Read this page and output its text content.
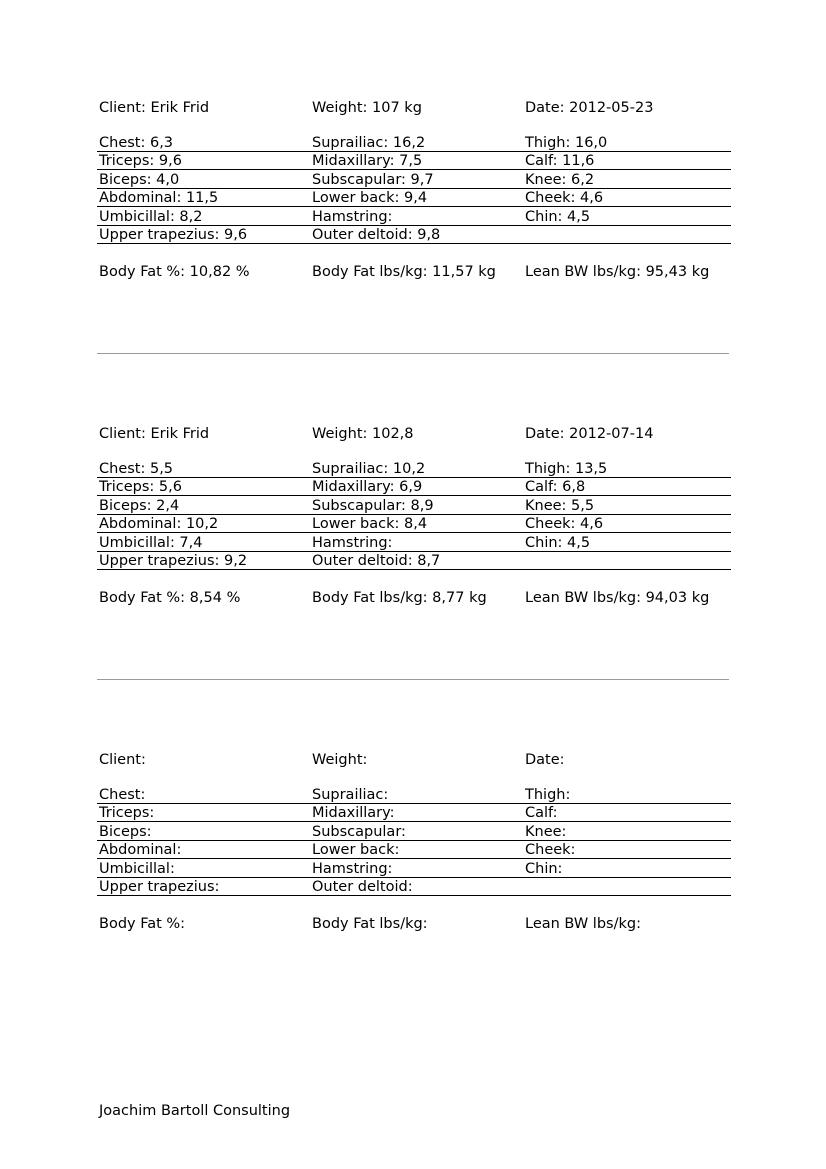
Client: Erik Frid	Weight: 107 kg	Date: 2012-05-23
Chest: 6,3	Suprailiac: 16,2	Thigh: 16,0
Triceps: 9,6	Midaxillary: 7,5	Calf: 11,6
Biceps: 4,0	Subscapular: 9,7	Knee: 6,2
Abdominal: 11,5	Lower back: 9,4	Cheek: 4,6
Umbicillal: 8,2	Hamstring:	Chin: 4,5
Upper trapezius: 9,6	Outer deltoid: 9,8
Body Fat %: 10,82 %	Body Fat lbs/kg: 11,57 kg Lean BW lbs/kg: 95,43 kg
Client: Erik Frid	Weight: 102,8	Date: 2012-07-14
Chest: 5,5	Suprailiac: 10,2	Thigh: 13,5
Triceps: 5,6	Midaxillary: 6,9	Calf: 6,8
Biceps: 2,4	Subscapular: 8,9	Knee: 5,5
Abdominal: 10,2	Lower back: 8,4	Cheek: 4,6
Umbicillal: 7,4	Hamstring:	Chin: 4,5
Upper trapezius: 9,2	Outer deltoid: 8,7
Body Fat %: 8,54 %	Body Fat lbs/kg: 8,77 kg	Lean BW lbs/kg: 94,03 kg
Client:	Weight:	Date:
Chest:	Suprailiac:	Thigh:
Triceps:	Midaxillary:	Calf:
Biceps:	Subscapular:	Knee:
Abdominal:	Lower back:	Cheek:
Umbicillal:	Hamstring:	Chin:
Upper trapezius:	Outer deltoid:
Body Fat %:	Body Fat lbs/kg:	Lean BW lbs/kg:
Joachim Bartoll Consulting
